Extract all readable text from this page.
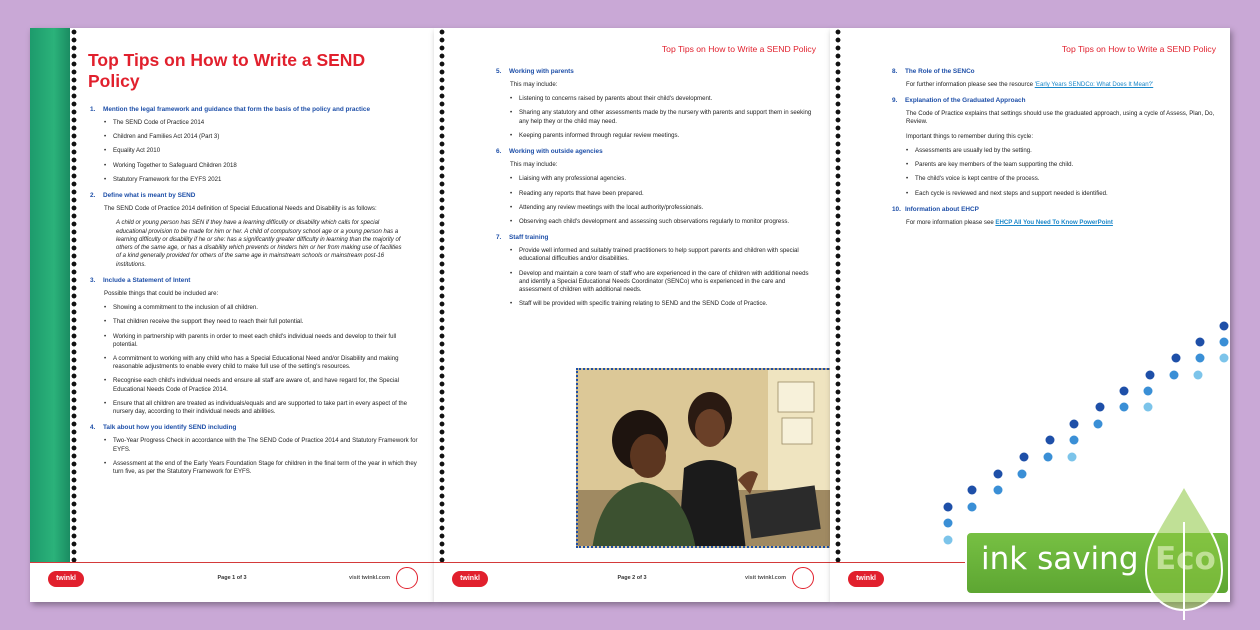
Top Tips on How to Write a SEND Policy
1. Mention the legal framework and guidance that form the basis of the policy and practice
• The SEND Code of Practice 2014
• Children and Families Act 2014 (Part 3)
• Equality Act 2010
• Working Together to Safeguard Children 2018
• Statutory Framework for the EYFS 2021
2. Define what is meant by SEND
The SEND Code of Practice 2014 definition of Special Educational Needs and Disability is as follows:
A child or young person has SEN if they have a learning difficulty or disability which calls for special educational provision to be made for him or her. A child of compulsory school age or a young person has a learning difficulty or disability if he or she: has a significantly greater difficulty in learning than the majority of others of the same age, or has a disability which prevents or hinders him or her from making use of facilities of a kind generally provided for others of the same age in mainstream schools or mainstream post-16 institutions.
3. Include a Statement of Intent
Possible things that could be included are:
• Showing a commitment to the inclusion of all children.
• That children receive the support they need to reach their full potential.
• Working in partnership with parents in order to meet each child's individual needs and develop to their full potential.
• A commitment to working with any child who has a Special Educational Need and/or Disability and making reasonable adjustments to enable every child to make full use of the setting's resources.
• Recognise each child's individual needs and ensure all staff are aware of, and have regard for, the Special Educational Needs Code of Practice 2014.
• Ensure that all children are treated as individuals/equals and are supported to take part in every aspect of the nursery day, according to their individual needs and abilities.
4. Talk about how you identify SEND including
• Two-Year Progress Check in accordance with the The SEND Code of Practice 2014 and Statutory Framework for EYFS.
• Assessment at the end of the Early Years Foundation Stage for children in the final term of the year in which they turn five, as per the Statutory Framework for EYFS.
twinkl	Page 1 of 3	visit twinkl.com
Top Tips on How to Write a SEND Policy
5. Working with parents
This may include:
• Listening to concerns raised by parents about their child's development.
• Sharing any statutory and other assessments made by the nursery with parents and support them in seeking any help they or the child may need.
• Keeping parents informed through regular review meetings.
6. Working with outside agencies
This may include:
• Liaising with any professional agencies.
• Reading any reports that have been prepared.
• Attending any review meetings with the local authority/professionals.
• Observing each child's development and assessing such observations regularly to monitor progress.
7. Staff training
• Provide well informed and suitably trained practitioners to help support parents and children with special educational difficulties and/or disabilities.
• Develop and maintain a core team of staff who are experienced in the care of children with additional needs and identify a Special Educational Needs Coordinator (SENCo) who is experienced in the care and assessment of children with additional needs.
• Staff will be provided with specific training relating to SEND and the SEND Code of Practice.
twinkl	Page 2 of 3	visit twinkl.com
Top Tips on How to Write a SEND Policy
8. The Role of the SENCo
For further information please see the resource 'Early Years SENDCo: What Does It Mean?'
9. Explanation of the Graduated Approach
The Code of Practice explains that settings should use the graduated approach, using a cycle of Assess, Plan, Do, Review.
Important things to remember during this cycle:
• Assessments are usually led by the setting.
• Parents are key members of the team supporting the child.
• The child's voice is kept centre of the process.
• Each cycle is reviewed and next steps and support needed is identified.
10. Information about EHCP
For more information please see EHCP All You Need To Know PowerPoint
twinkl
ink saving
